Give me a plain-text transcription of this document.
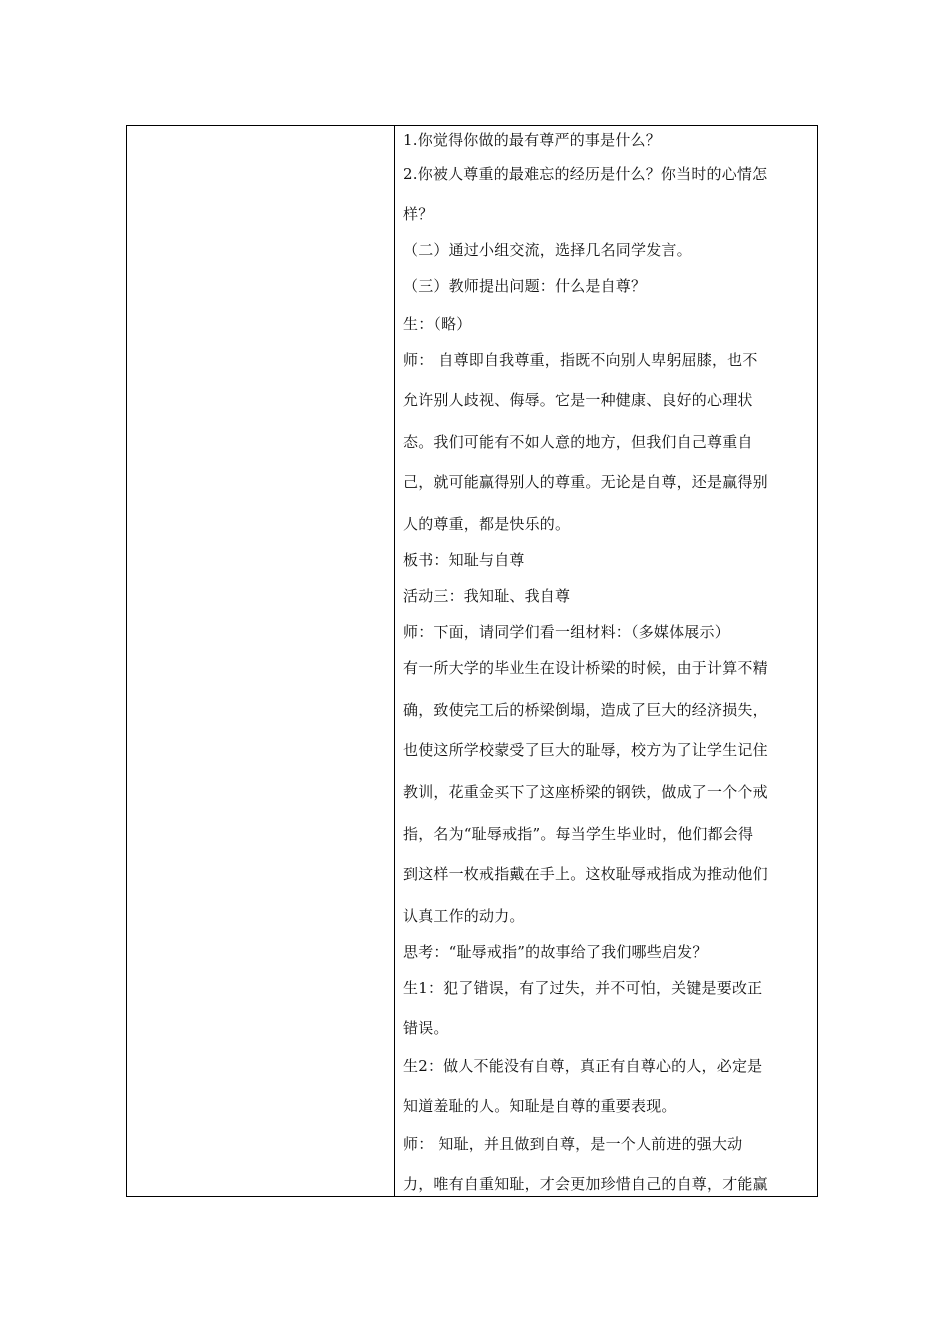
1.你觉得你做的最有尊严的事是什么？
2.你被人尊重的最难忘的经历是什么？你当时的心情怎
样？
（二）通过小组交流，选择几名同学发言。
（三）教师提出问题：什么是自尊？
生：（略）
师： 自尊即自我尊重，指既不向别人卑躬屈膝，也不
允许别人歧视、侮辱。它是一种健康、良好的心理状
态。我们可能有不如人意的地方，但我们自己尊重自
己，就可能赢得别人的尊重。无论是自尊，还是赢得别
人的尊重，都是快乐的。
板书：知耻与自尊
活动三：我知耻、我自尊
师：下面，请同学们看一组材料：（多媒体展示）
有一所大学的毕业生在设计桥梁的时候，由于计算不精
确，致使完工后的桥梁倒塌，造成了巨大的经济损失，
也使这所学校蒙受了巨大的耻辱，校方为了让学生记住
教训，花重金买下了这座桥梁的钢铁，做成了一个个戒
指，名为“耻辱戒指”。每当学生毕业时，他们都会得
到这样一枚戒指戴在手上。这枚耻辱戒指成为推动他们
认真工作的动力。
思考：“耻辱戒指”的故事给了我们哪些启发？
生1：犯了错误，有了过失，并不可怕，关键是要改正
错误。
生2：做人不能没有自尊，真正有自尊心的人，必定是
知道羞耻的人。知耻是自尊的重要表现。
师： 知耻，并且做到自尊，是一个人前进的强大动
力，唯有自重知耻，才会更加珍惜自己的自尊，才能赢
